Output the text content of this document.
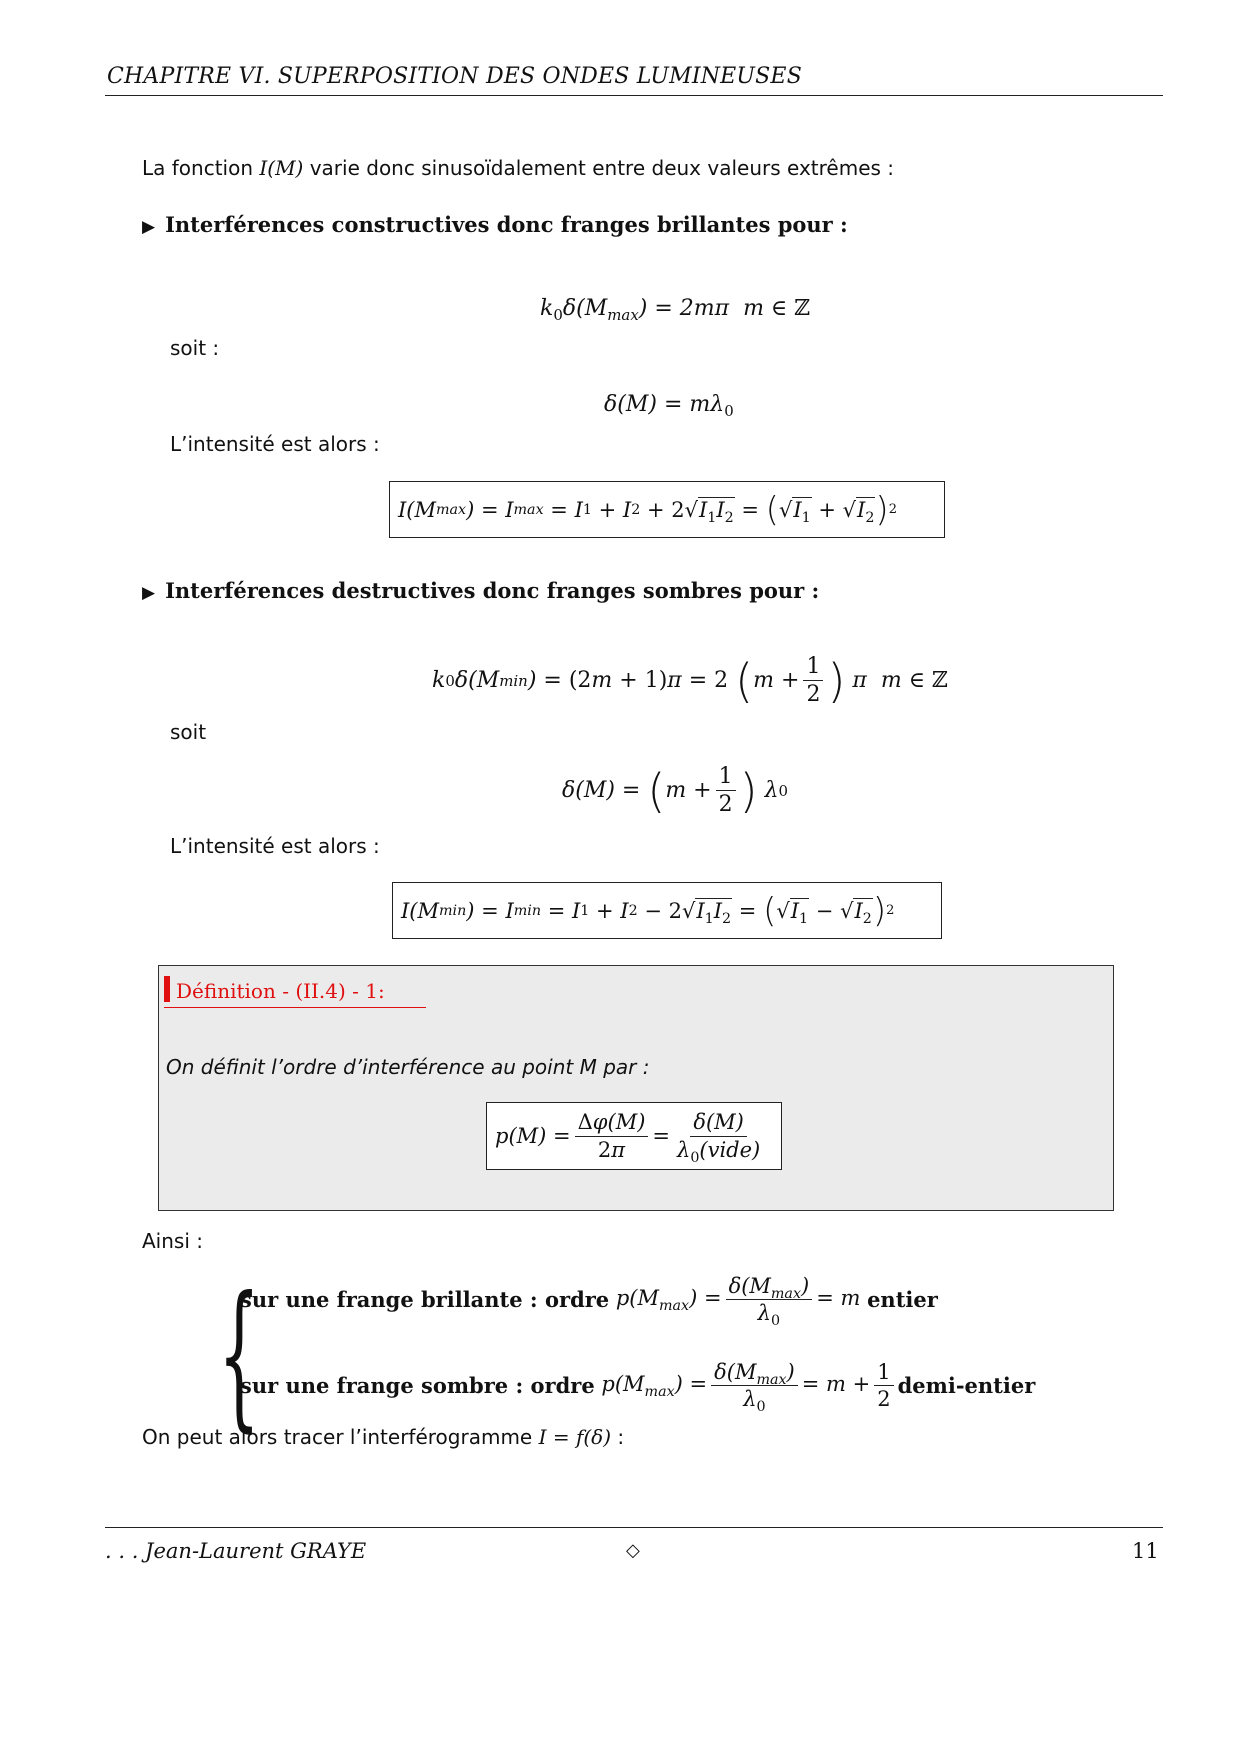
CHAPITRE VI. SUPERPOSITION DES ONDES LUMINEUSES
La fonction I(M) varie donc sinusoïdalement entre deux valeurs extrêmes :
▶ Interférences constructives donc franges brillantes pour :
$k_0\delta(M_{max}) = 2m\pi$  m ∈ ℤ
soit :
$\delta(M) = m\lambda_0$
L’intensité est alors :
I(M max ) = I max = I 1 + I 2 + 2 $√I_1I_2$ = ( $√I_1 + √I_2$ ) 2
▶ Interférences destructives donc franges sombres pour :
k 0 δ(M min ) = (2 m + 1) π = 2 ( $m + \frac{1}{2}$ ) π  m ∈ ℤ
soit
δ(M) = ( $m + \frac{1}{2}$ ) λ 0
L’intensité est alors :
I(M min ) = I min = I 1 + I 2 − 2 $√I_1I_2$ = ( $√I_1 - √I_2$ ) 2
Définition - (II.4) - 1:
On définit l’ordre d’interférence au point M par :
$p(M) = \frac{\Delta\varphi(M)}{2\pi} = \frac{\delta(M)}{\lambda_0(vide)}$
Ainsi :
{
sur une frange brillante : ordre $p(M_{max}) = \frac{\delta(M_{max})}{\lambda_0} = m$ entier
sur une frange sombre : ordre $p(M_{max}) = \frac{\delta(M_{max})}{\lambda_0} = m + \frac{1}{2}$ demi-entier
On peut alors tracer l’interférogramme I = f(δ) :
. . . Jean-Laurent GRAYE	◇	11
